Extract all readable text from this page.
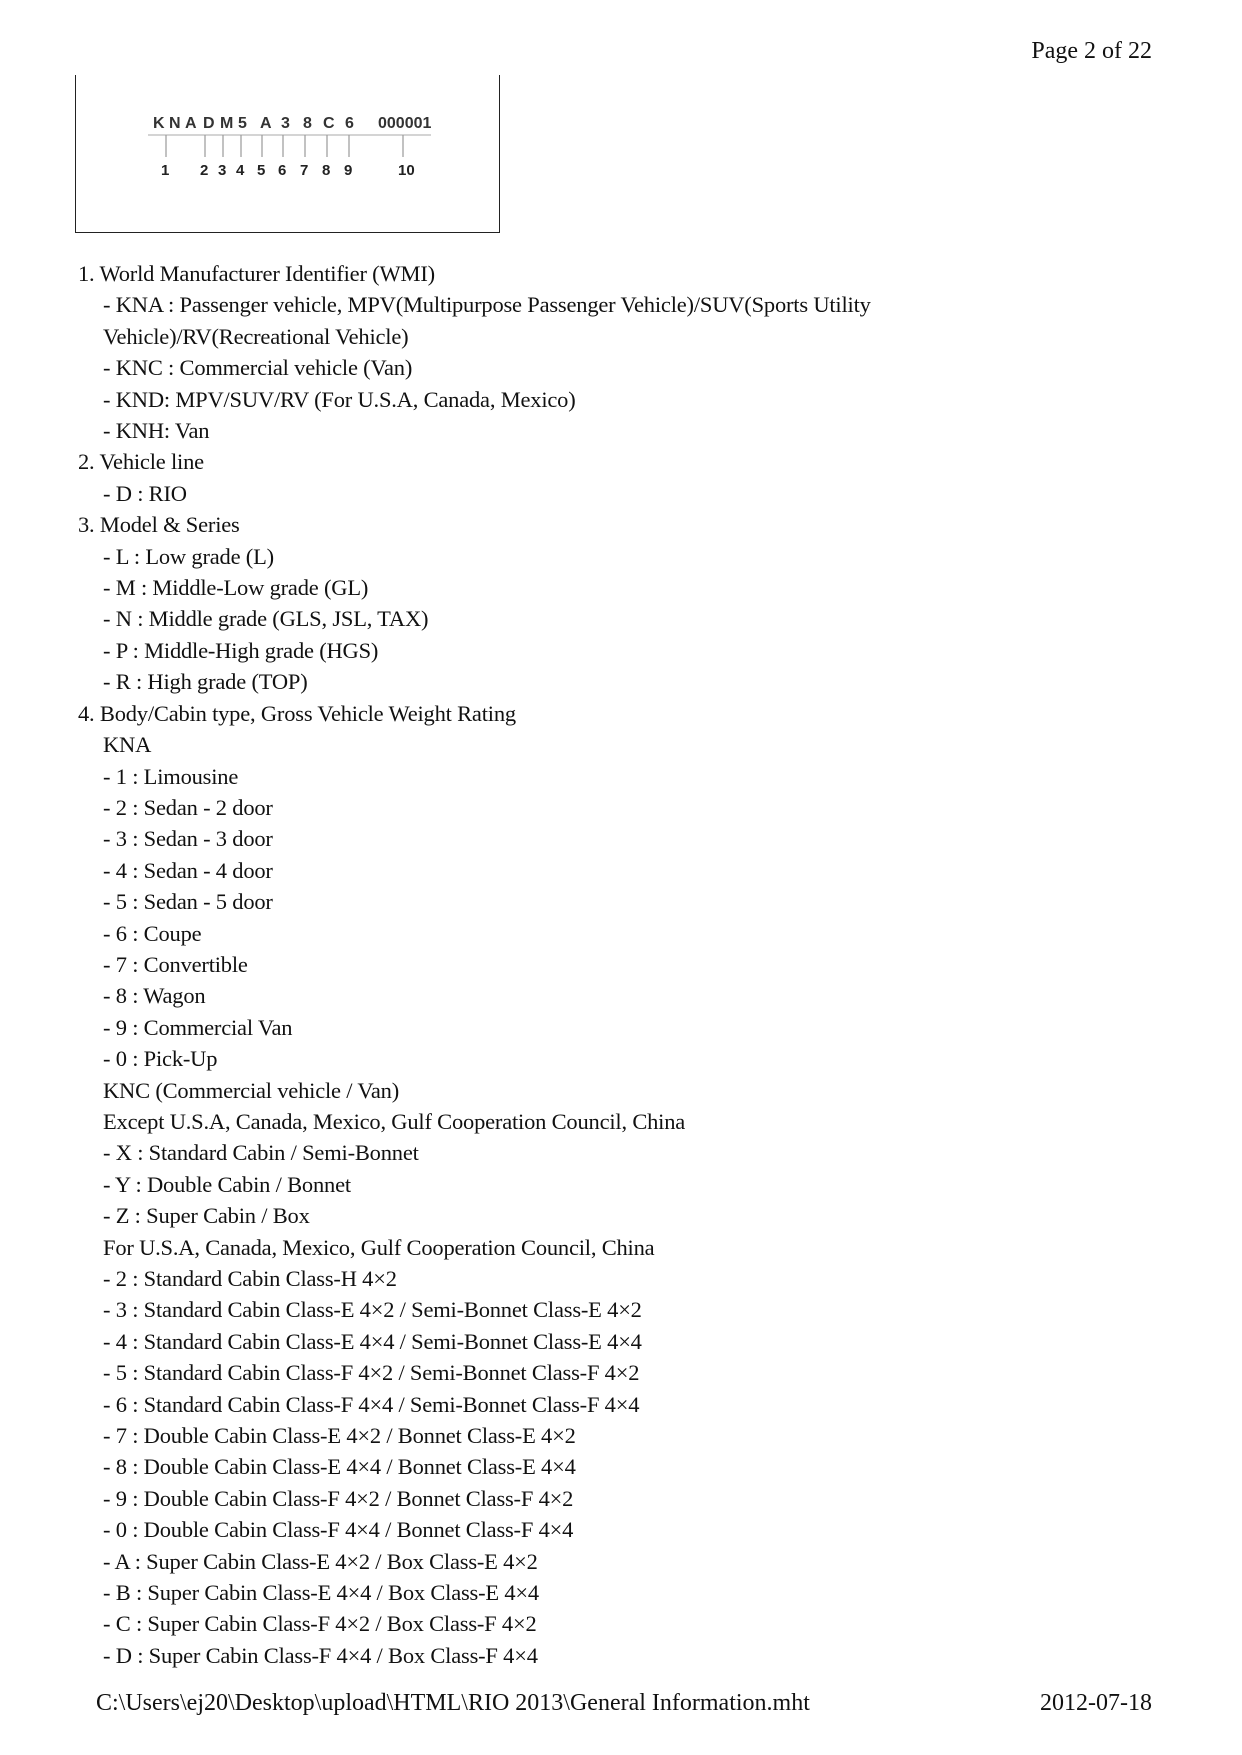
Page 2 of 22
K N A D M 5 A 3 8 C 6 000001
1 2 3 4 5 6 7 8 9	10
1. World Manufacturer Identifier (WMI)
- KNA : Passenger vehicle, MPV(Multipurpose Passenger Vehicle)/SUV(Sports Utility
Vehicle)/RV(Recreational Vehicle)
- KNC : Commercial vehicle (Van)
- KND: MPV/SUV/RV (For U.S.A, Canada, Mexico)
- KNH: Van
2. Vehicle line
- D : RIO
3. Model & Series
- L : Low grade (L)
- M : Middle-Low grade (GL)
- N : Middle grade (GLS, JSL, TAX)
- P : Middle-High grade (HGS)
- R : High grade (TOP)
4. Body/Cabin type, Gross Vehicle Weight Rating
KNA
- 1 : Limousine
- 2 : Sedan - 2 door
- 3 : Sedan - 3 door
- 4 : Sedan - 4 door
- 5 : Sedan - 5 door
- 6 : Coupe
- 7 : Convertible
- 8 : Wagon
- 9 : Commercial Van
- 0 : Pick-Up
KNC (Commercial vehicle / Van)
Except U.S.A, Canada, Mexico, Gulf Cooperation Council, China
- X : Standard Cabin / Semi-Bonnet
- Y : Double Cabin / Bonnet
- Z : Super Cabin / Box
For U.S.A, Canada, Mexico, Gulf Cooperation Council, China
- 2 : Standard Cabin Class-H 4×2
- 3 : Standard Cabin Class-E 4×2 / Semi-Bonnet Class-E 4×2
- 4 : Standard Cabin Class-E 4×4 / Semi-Bonnet Class-E 4×4
- 5 : Standard Cabin Class-F 4×2 / Semi-Bonnet Class-F 4×2
- 6 : Standard Cabin Class-F 4×4 / Semi-Bonnet Class-F 4×4
- 7 : Double Cabin Class-E 4×2 / Bonnet Class-E 4×2
- 8 : Double Cabin Class-E 4×4 / Bonnet Class-E 4×4
- 9 : Double Cabin Class-F 4×2 / Bonnet Class-F 4×2
- 0 : Double Cabin Class-F 4×4 / Bonnet Class-F 4×4
- A : Super Cabin Class-E 4×2 / Box Class-E 4×2
- B : Super Cabin Class-E 4×4 / Box Class-E 4×4
- C : Super Cabin Class-F 4×2 / Box Class-F 4×2
- D : Super Cabin Class-F 4×4 / Box Class-F 4×4
C:\Users\ej20\Desktop\upload\HTML\RIO 2013\General Information.mht	2012-07-18
